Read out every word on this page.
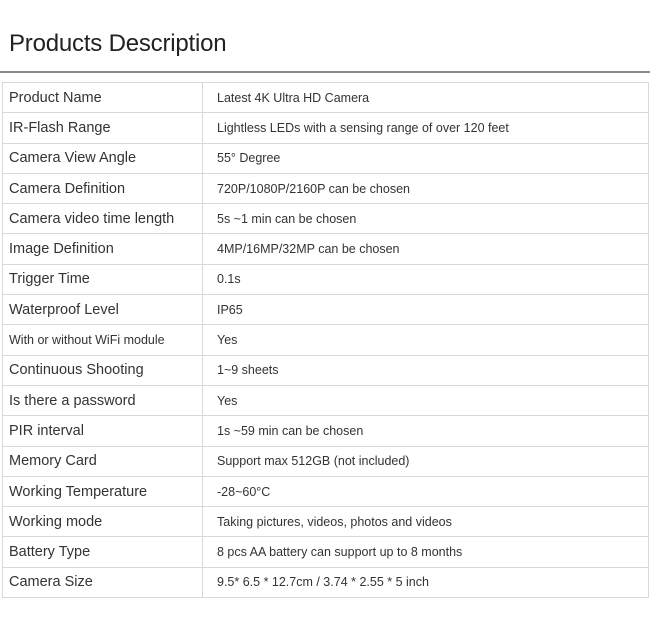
Products Description
Product Name	Latest 4K Ultra HD Camera
IR-Flash Range	Lightless LEDs with a sensing range of over 120 feet
Camera View Angle	55° Degree
Camera Definition	720P/1080P/2160P can be chosen
Camera video time length	5s ~1 min can be chosen
Image Definition	4MP/16MP/32MP can be chosen
Trigger Time	0.1s
Waterproof Level	IP65
With or without WiFi module	Yes
Continuous Shooting	1~9 sheets
Is there a password	Yes
PIR interval	1s ~59 min can be chosen
Memory Card	Support max 512GB (not included)
Working Temperature	-28~60°C
Working mode	Taking pictures, videos, photos and videos
Battery Type	8 pcs AA battery can support up to 8 months
Camera Size	9.5* 6.5 * 12.7cm / 3.74 * 2.55 * 5 inch
